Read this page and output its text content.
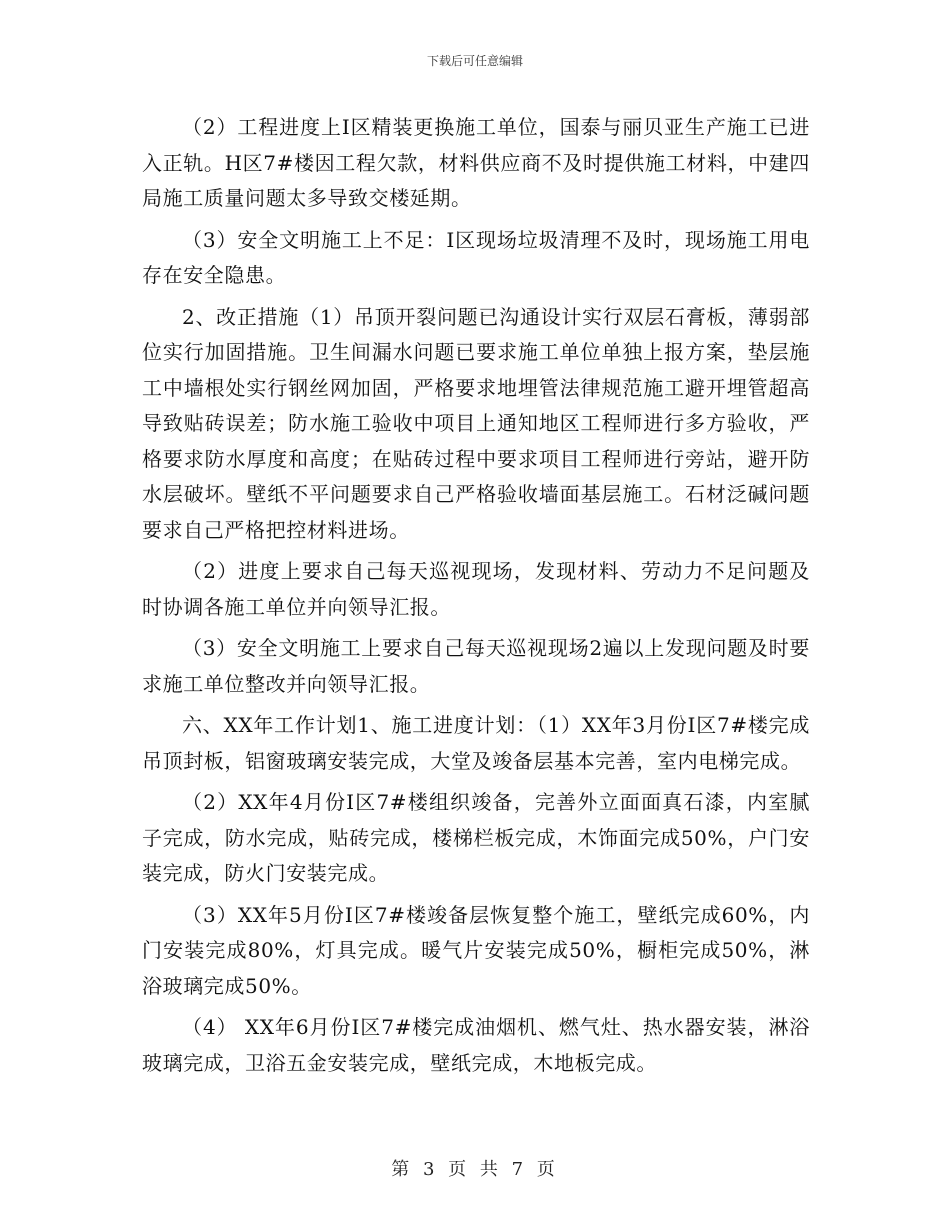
下载后可任意编辑

（2）工程进度上I区精装更换施工单位，国泰与丽贝亚生产施工已进入正轨。H区7#楼因工程欠款，材料供应商不及时提供施工材料，中建四局施工质量问题太多导致交楼延期。

（3）安全文明施工上不足：I区现场垃圾清理不及时，现场施工用电存在安全隐患。

2、改正措施（1）吊顶开裂问题已沟通设计实行双层石膏板，薄弱部位实行加固措施。卫生间漏水问题已要求施工单位单独上报方案，垫层施工中墙根处实行钢丝网加固，严格要求地埋管法律规范施工避开埋管超高导致贴砖误差；防水施工验收中项目上通知地区工程师进行多方验收，严格要求防水厚度和高度；在贴砖过程中要求项目工程师进行旁站，避开防水层破坏。壁纸不平问题要求自己严格验收墙面基层施工。石材泛碱问题要求自己严格把控材料进场。

（2）进度上要求自己每天巡视现场，发现材料、劳动力不足问题及时协调各施工单位并向领导汇报。

（3）安全文明施工上要求自己每天巡视现场2遍以上发现问题及时要求施工单位整改并向领导汇报。

六、XX年工作计划1、施工进度计划：（1）XX年3月份I区7#楼完成吊顶封板，铝窗玻璃安装完成，大堂及竣备层基本完善，室内电梯完成。

（2）XX年4月份I区7#楼组织竣备，完善外立面面真石漆，内室腻子完成，防水完成，贴砖完成，楼梯栏板完成，木饰面完成50%，户门安装完成，防火门安装完成。

（3）XX年5月份I区7#楼竣备层恢复整个施工，壁纸完成60%，内门安装完成80%，灯具完成。暖气片安装完成50%，橱柜完成50%，淋浴玻璃完成50%。

（4） XX年6月份I区7#楼完成油烟机、燃气灶、热水器安装，淋浴玻璃完成，卫浴五金安装完成，壁纸完成，木地板完成。

第 3 页 共 7 页
